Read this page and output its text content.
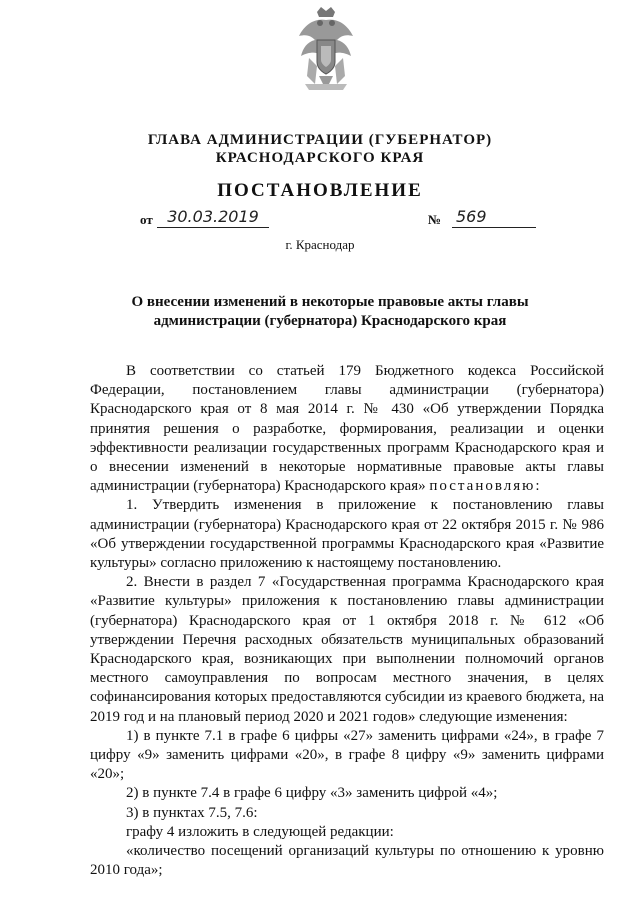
ГЛАВА АДМИНИСТРАЦИИ (ГУБЕРНАТОР)
КРАСНОДАРСКОГО КРАЯ
ПОСТАНОВЛЕНИЕ
от 30.03.2019	№ 569
г. Краснодар
О внесении изменений в некоторые правовые акты главы администрации (губернатора) Краснодарского края

В соответствии со статьей 179 Бюджетного кодекса Российской Федерации, постановлением главы администрации (губернатора) Краснодарского края от 8 мая 2014 г. № 430 «Об утверждении Порядка принятия решения о разработке, формирования, реализации и оценки эффективности реализации государственных программ Краснодарского края и о внесении изменений в некоторые нормативные правовые акты главы администрации (губернатора) Краснодарского края» постановляю:

1. Утвердить изменения в приложение к постановлению главы администрации (губернатора) Краснодарского края от 22 октября 2015 г. № 986 «Об утверждении государственной программы Краснодарского края «Развитие культуры» согласно приложению к настоящему постановлению.

2. Внести в раздел 7 «Государственная программа Краснодарского края «Развитие культуры» приложения к постановлению главы администрации (губернатора) Краснодарского края от 1 октября 2018 г. № 612 «Об утверждении Перечня расходных обязательств муниципальных образований Краснодарского края, возникающих при выполнении полномочий органов местного самоуправления по вопросам местного значения, в целях софинансирования которых предоставляются субсидии из краевого бюджета, на 2019 год и на плановый период 2020 и 2021 годов» следующие изменения:

1) в пункте 7.1 в графе 6 цифры «27» заменить цифрами «24», в графе 7 цифру «9» заменить цифрами «20», в графе 8 цифру «9» заменить цифрами «20»;

2) в пункте 7.4 в графе 6 цифру «3» заменить цифрой «4»;

3) в пунктах 7.5, 7.6:

графу 4 изложить в следующей редакции:

«количество посещений организаций культуры по отношению к уровню 2010 года»;
